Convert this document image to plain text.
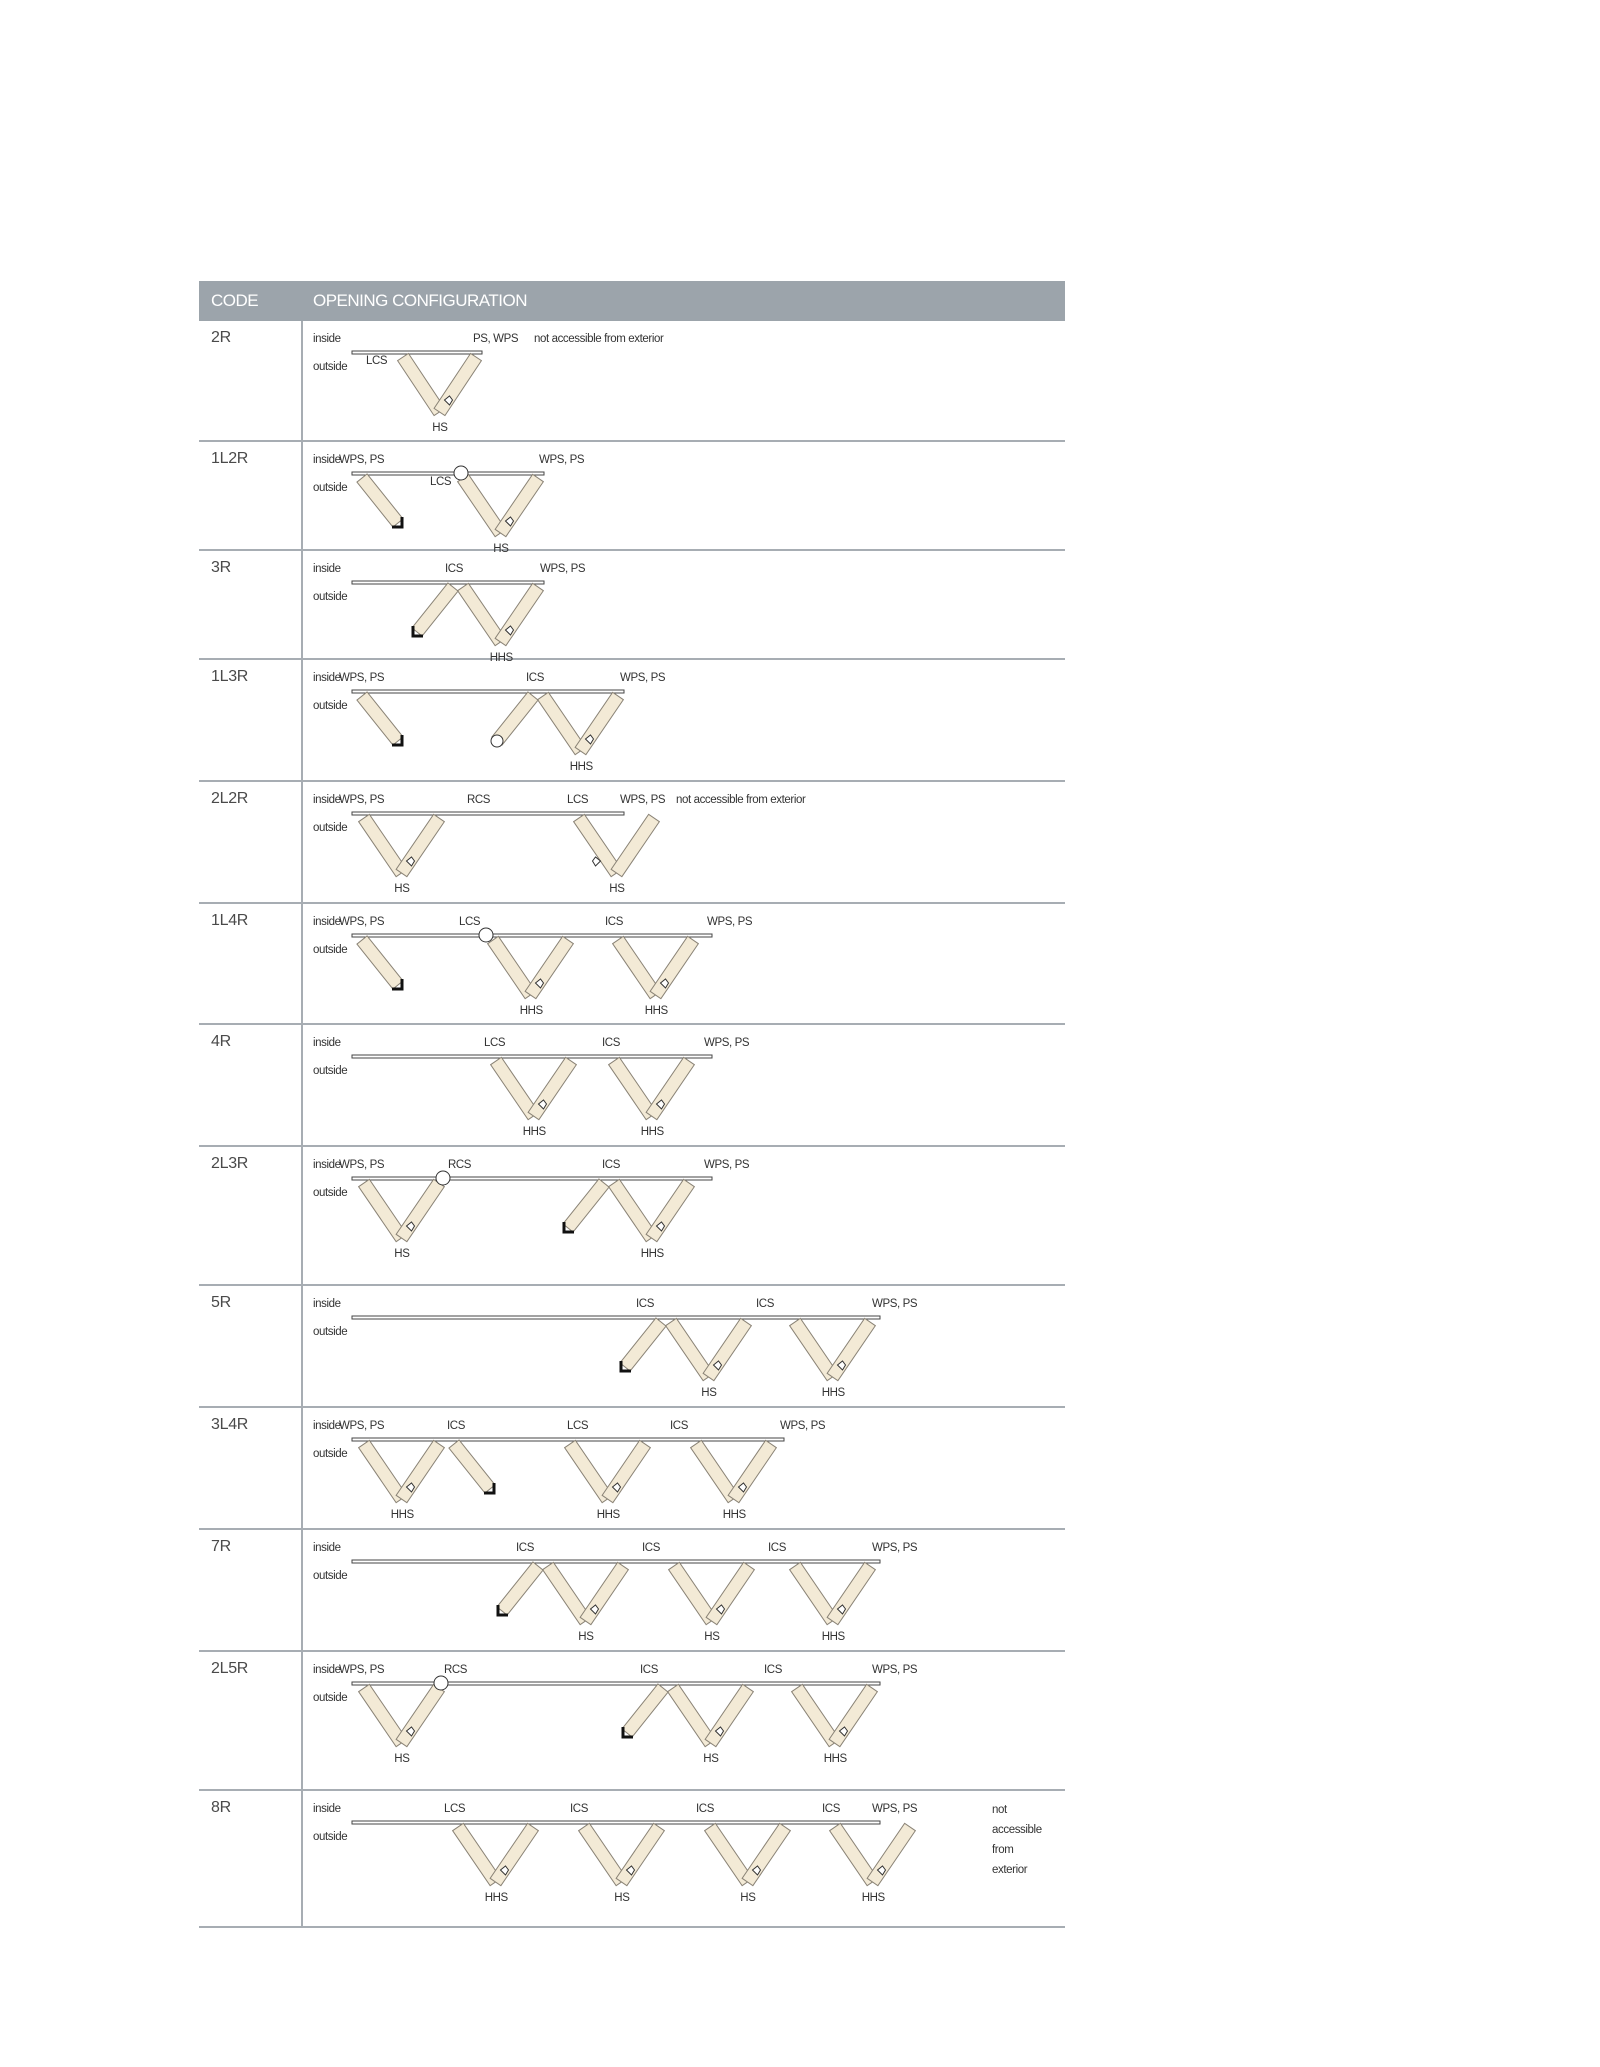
CODE	OPENING CONFIGURATION
2R	inside
outside
PS, WPS
LCS
HS
not accessible from exterior
1L2R	inside
outside
WPS, PS	WPS, PS
LCS
HS
3R	inside
outside
ICS	WPS, PS
HHS
1L3R	inside
outside
WPS, PS	ICS	WPS, PS
HHS
2L2R	inside
outside
WPS, PS	RCS	LCS	WPS, PS
HS	HS
not accessible from exterior
1L4R	inside
outside
WPS, PS	LCS	ICS	WPS, PS
HHS	HHS
4R	inside
outside
LCS	ICS	WPS, PS
HHS	HHS
2L3R	inside
outside
WPS, PS	RCS	ICS	WPS, PS
HS	HHS
5R	inside
outside
ICS	ICS	WPS, PS
HS	HHS
3L4R	inside
outside
WPS, PS	ICS	LCS	ICS	WPS, PS
HHS	HHS	HHS
7R	inside
outside
ICS	ICS	ICS	WPS, PS
HS	HS	HHS
2L5R	inside
outside
WPS, PS	RCS	ICS	ICS	WPS, PS
HS	HS	HHS
8R	inside
outside
LCS	ICS	ICS	ICS	WPS, PS
HHS	HS	HS	HHS
not
accessible
from
exterior
